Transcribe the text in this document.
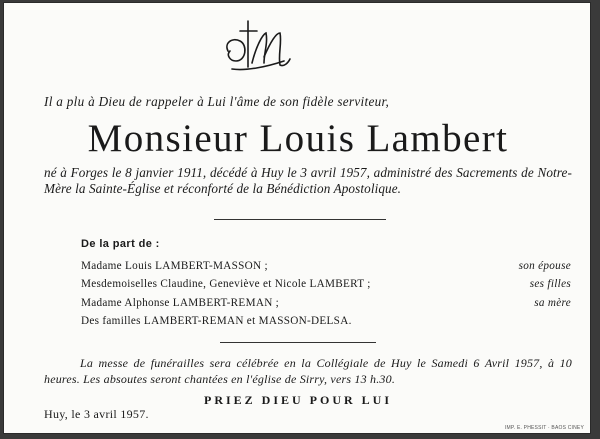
Il a plu à Dieu de rappeler à Lui l'âme de son fidèle serviteur,
Monsieur Louis Lambert
né à Forges le 8 janvier 1911, décédé à Huy le 3 avril 1957, administré des Sacrements de Notre-Mère la Sainte-Église et réconforté de la Bénédiction Apostolique.
De la part de :
Madame Louis LAMBERT-MASSON ;	son épouse
Mesdemoiselles Claudine, Geneviève et Nicole LAMBERT ;	ses filles
Madame Alphonse LAMBERT-REMAN ;	sa mère
Des familles LAMBERT-REMAN et MASSON-DELSA.
La messe de funérailles sera célébrée en la Collégiale de Huy le Samedi 6 Avril 1957, à 10 heures. Les absoutes seront chantées en l'église de Sirry, vers 13 h.30.
PRIEZ DIEU POUR LUI
Huy, le 3 avril 1957.
IMP. E. PHESSIT · BAOS CINEY
